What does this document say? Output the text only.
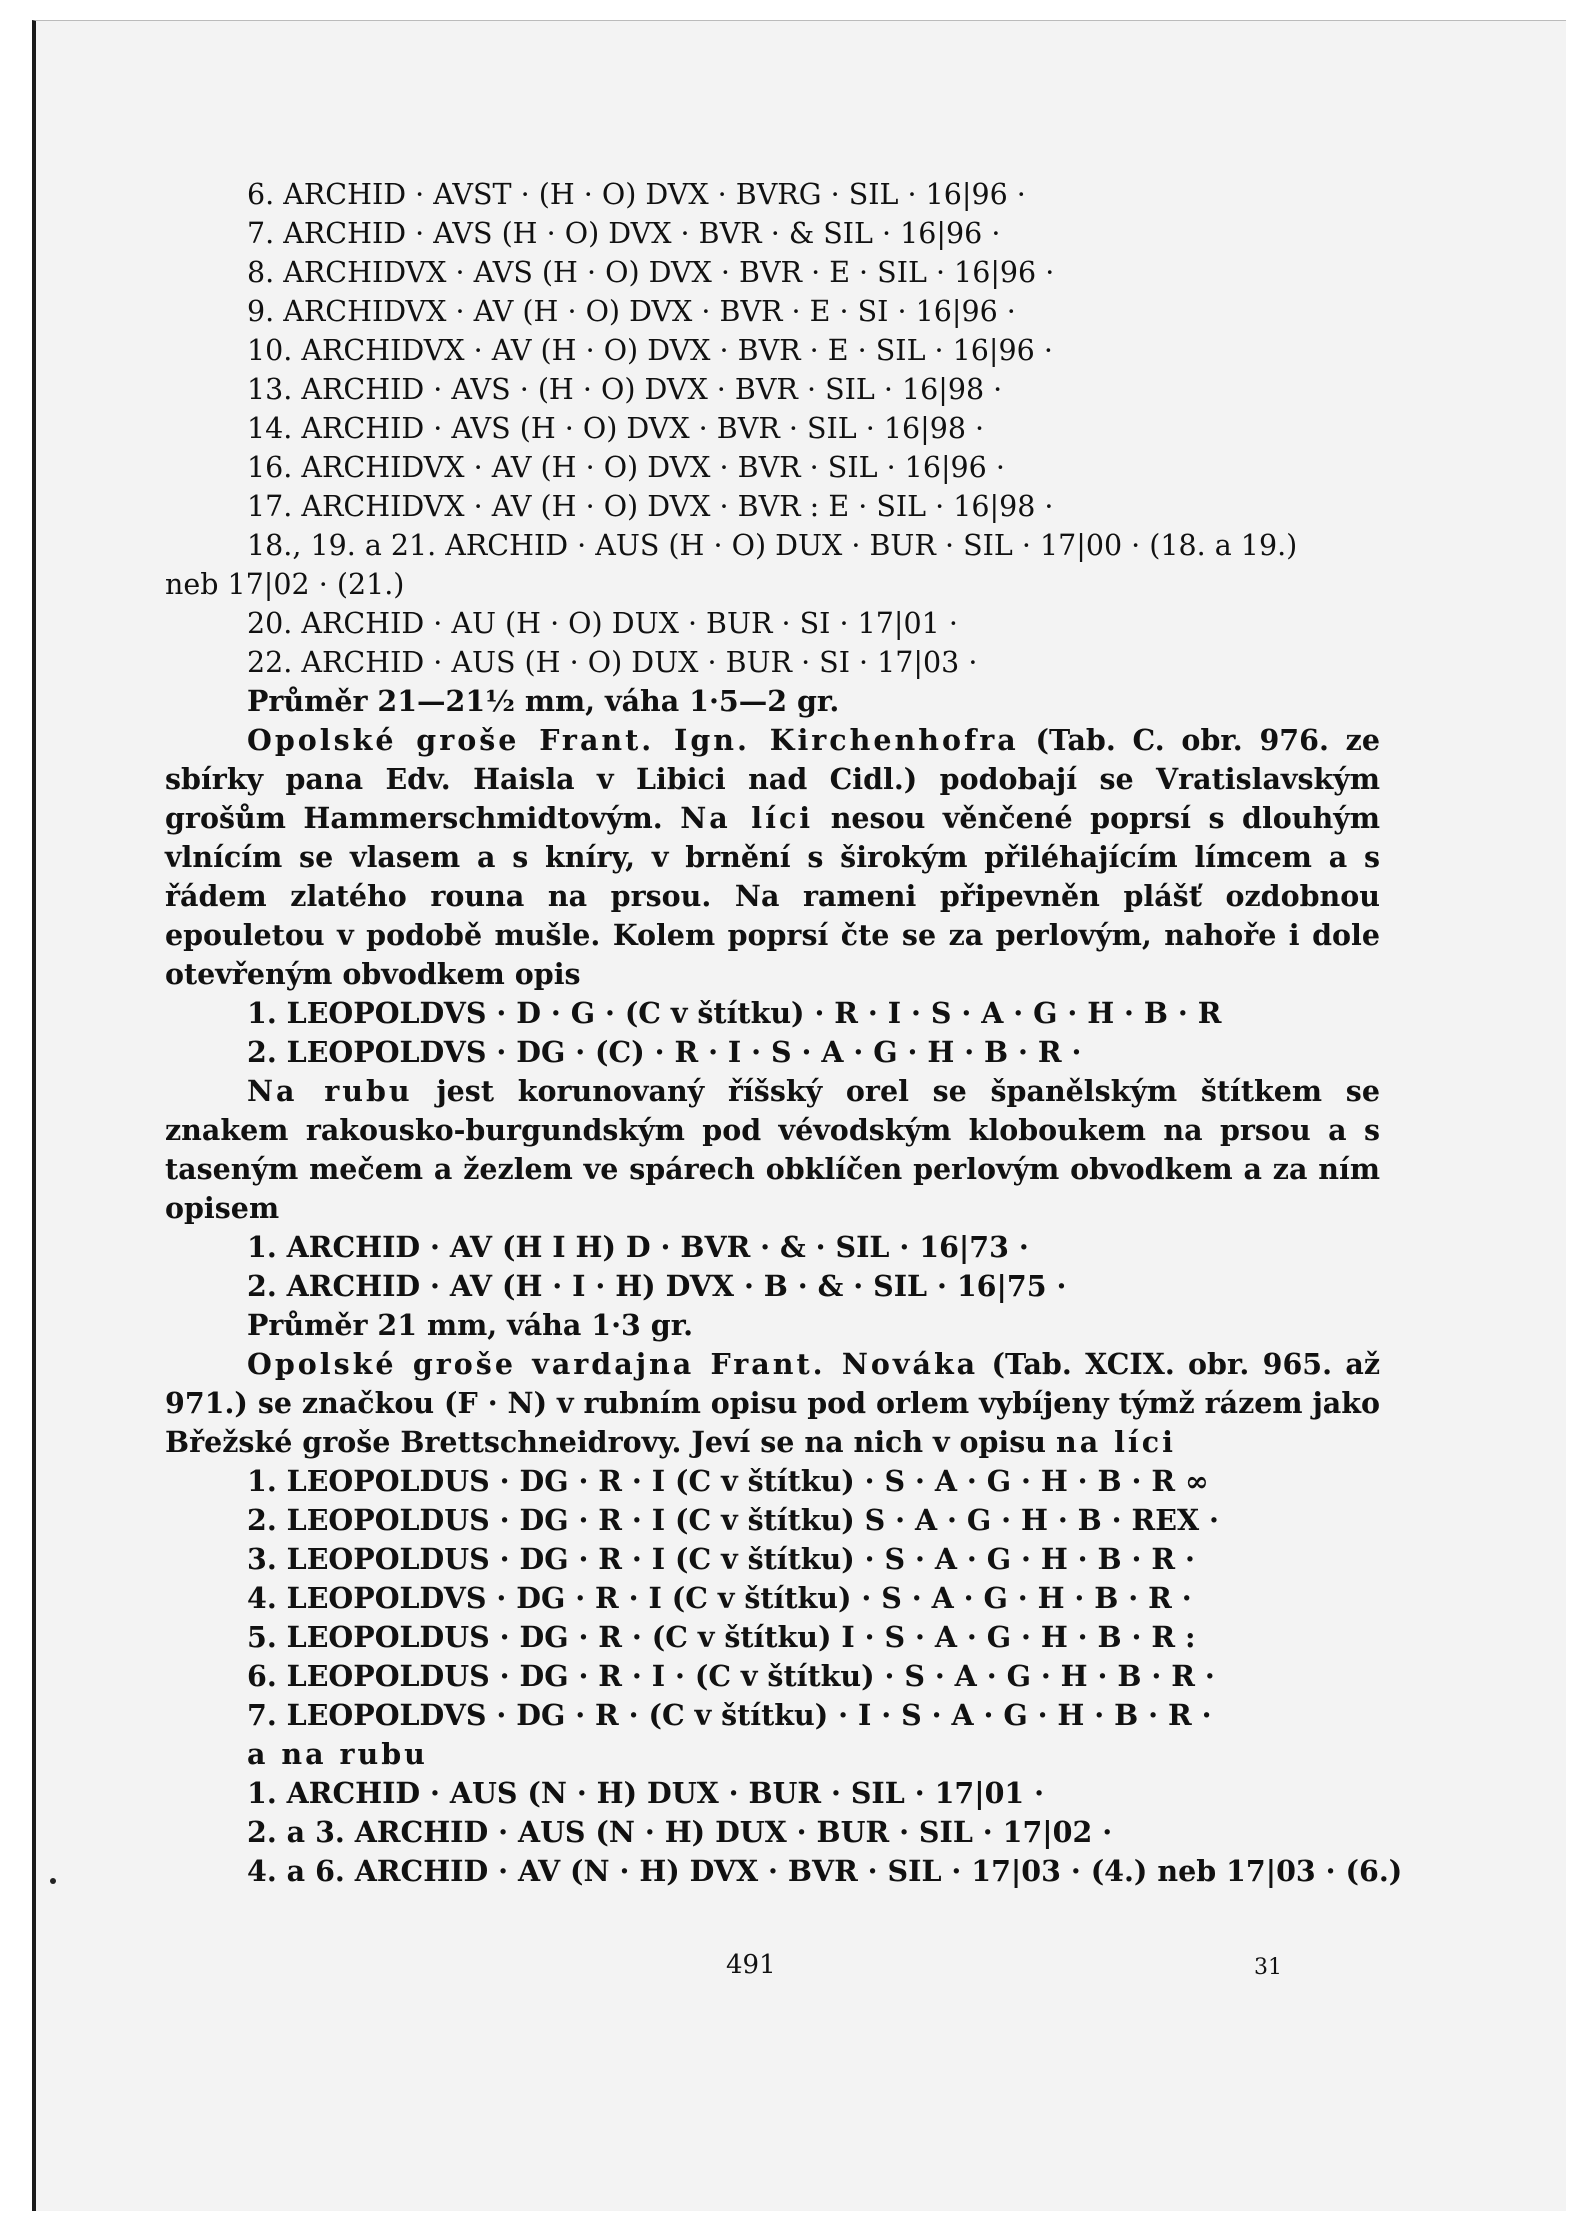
6. ARCHID · AVST · (H · O) DVX · BVRG · SIL · 16|96 ·
7. ARCHID · AVS (H · O) DVX · BVR · & SIL · 16|96 ·
8. ARCHIDVX · AVS (H · O) DVX · BVR · E · SIL · 16|96 ·
9. ARCHIDVX · AV (H · O) DVX · BVR · E · SI · 16|96 ·
10. ARCHIDVX · AV (H · O) DVX · BVR · E · SIL · 16|96 ·
13. ARCHID · AVS · (H · O) DVX · BVR · SIL · 16|98 ·
14. ARCHID · AVS (H · O) DVX · BVR · SIL · 16|98 ·
16. ARCHIDVX · AV (H · O) DVX · BVR · SIL · 16|96 ·
17. ARCHIDVX · AV (H · O) DVX · BVR : E · SIL · 16|98 ·
18., 19. a 21. ARCHID · AUS (H · O) DUX · BUR · SIL · 17|00 · (18. a 19.)
neb 17|02 · (21.)
20. ARCHID · AU (H · O) DUX · BUR · SI · 17|01 ·
22. ARCHID · AUS (H · O) DUX · BUR · SI · 17|03 ·
Průměr 21—21½ mm, váha 1·5—2 gr.
Opolské groše Frant. Ign. Kirchenhofra (Tab. C. obr. 976. ze sbírky pana Edv. Haisla v Libici nad Cidl.) podobají se Vratislavským grošům Hammerschmidtovým. Na líci nesou věnčené poprsí s dlouhým vlnícím se vlasem a s kníry, v brnění s širokým přiléhajícím límcem a s řádem zlatého rouna na prsou. Na rameni připevněn plášť ozdobnou epouletou v podobě mušle. Kolem poprsí čte se za perlovým, nahoře i dole otevřeným obvodkem opis
1. LEOPOLDVS · D · G · (C v štítku) · R · I · S · A · G · H · B · R
2. LEOPOLDVS · DG · (C) · R · I · S · A · G · H · B · R ·
Na rubu jest korunovaný říšský orel se španělským štítkem se znakem rakousko-burgundským pod vévodským kloboukem na prsou a s taseným mečem a žezlem ve spárech obklíčen perlovým obvodkem a za ním opisem
1. ARCHID · AV (H I H) D · BVR · & · SIL · 16|73 ·
2. ARCHID · AV (H · I · H) DVX · B · & · SIL · 16|75 ·
Průměr 21 mm, váha 1·3 gr.
Opolské groše vardajna Frant. Nováka (Tab. XCIX. obr. 965. až 971.) se značkou (F · N) v rubním opisu pod orlem vybíjeny týmž rázem jako Břežské groše Brettschneidrovy. Jeví se na nich v opisu na líci
1. LEOPOLDUS · DG · R · I (C v štítku) · S · A · G · H · B · R ∞
2. LEOPOLDUS · DG · R · I (C v štítku) S · A · G · H · B · REX ·
3. LEOPOLDUS · DG · R · I (C v štítku) · S · A · G · H · B · R ·
4. LEOPOLDVS · DG · R · I (C v štítku) · S · A · G · H · B · R ·
5. LEOPOLDUS · DG · R · (C v štítku) I · S · A · G · H · B · R :
6. LEOPOLDUS · DG · R · I · (C v štítku) · S · A · G · H · B · R ·
7. LEOPOLDVS · DG · R · (C v štítku) · I · S · A · G · H · B · R ·
a na rubu
1. ARCHID · AUS (N · H) DUX · BUR · SIL · 17|01 ·
2. a 3. ARCHID · AUS (N · H) DUX · BUR · SIL · 17|02 ·
4. a 6. ARCHID · AV (N · H) DVX · BVR · SIL · 17|03 · (4.) neb 17|03 · (6.)
491	31
